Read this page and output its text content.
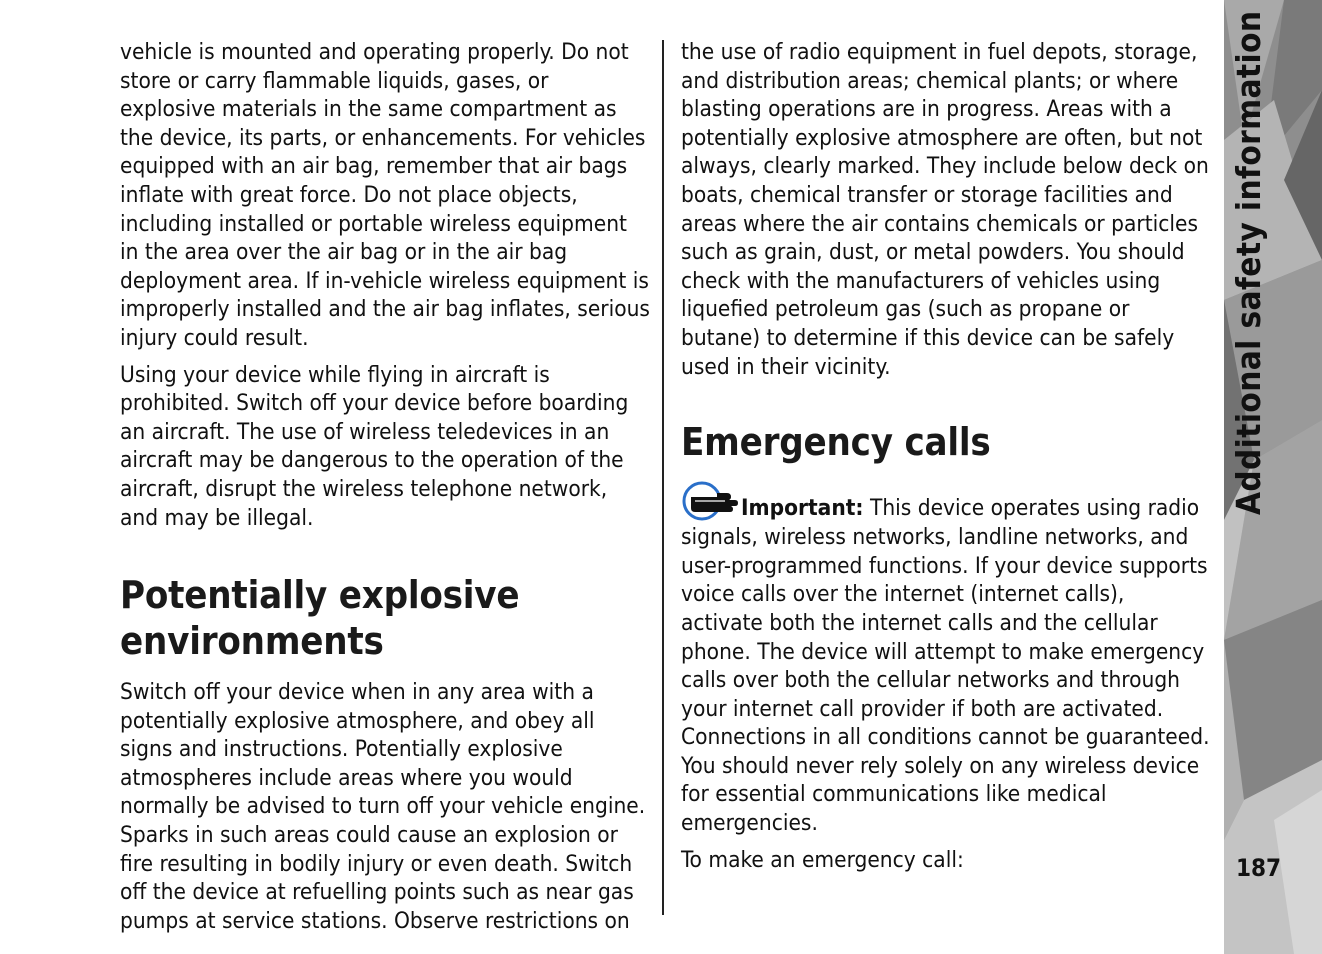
vehicle is mounted and operating properly. Do not store or carry flammable liquids, gases, or explosive materials in the same compartment as the device, its parts, or enhancements. For vehicles equipped with an air bag, remember that air bags inflate with great force. Do not place objects, including installed or portable wireless equipment in the area over the air bag or in the air bag deployment area. If in-vehicle wireless equipment is improperly installed and the air bag inflates, serious injury could result.

Using your device while flying in aircraft is prohibited. Switch off your device before boarding an aircraft. The use of wireless teledevices in an aircraft may be dangerous to the operation of the aircraft, disrupt the wireless telephone network, and may be illegal.

Potentially explosive environments

Switch off your device when in any area with a potentially explosive atmosphere, and obey all signs and instructions. Potentially explosive atmospheres include areas where you would normally be advised to turn off your vehicle engine. Sparks in such areas could cause an explosion or fire resulting in bodily injury or even death. Switch off the device at refuelling points such as near gas pumps at service stations. Observe restrictions on

the use of radio equipment in fuel depots, storage, and distribution areas; chemical plants; or where blasting operations are in progress. Areas with a potentially explosive atmosphere are often, but not always, clearly marked. They include below deck on boats, chemical transfer or storage facilities and areas where the air contains chemicals or particles such as grain, dust, or metal powders. You should check with the manufacturers of vehicles using liquefied petroleum gas (such as propane or butane) to determine if this device can be safely used in their vicinity.

Emergency calls

Important: This device operates using radio signals, wireless networks, landline networks, and user-programmed functions. If your device supports voice calls over the internet (internet calls), activate both the internet calls and the cellular phone. The device will attempt to make emergency calls over both the cellular networks and through your internet call provider if both are activated. Connections in all conditions cannot be guaranteed. You should never rely solely on any wireless device for essential communications like medical emergencies.

To make an emergency call:

Additional safety information
187
